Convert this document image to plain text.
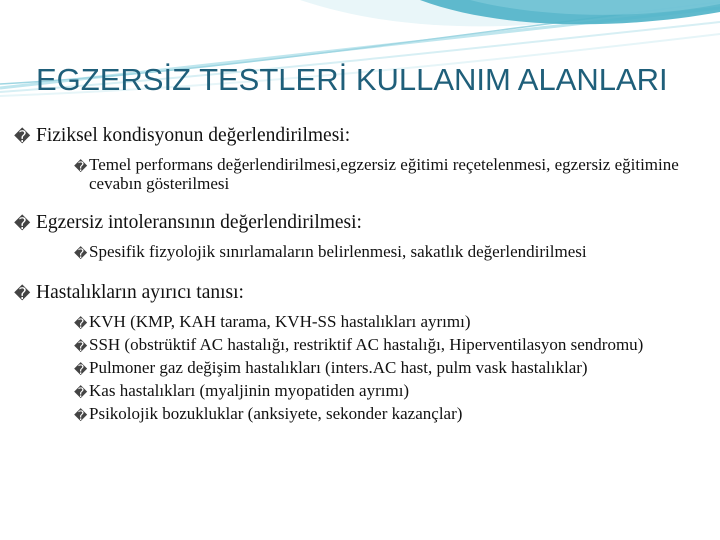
EGZERSİZ TESTLERİ KULLANIM ALANLARI
� Fiziksel kondisyonun değerlendirilmesi:
� Temel performans değerlendirilmesi,egzersiz eğitimi reçetelenmesi, egzersiz eğitimine cevabın gösterilmesi
� Egzersiz intoleransının değerlendirilmesi:
� Spesifik fizyolojik sınırlamaların belirlenmesi, sakatlık değerlendirilmesi
� Hastalıkların ayırıcı tanısı:
� KVH (KMP, KAH tarama, KVH-SS hastalıkları ayrımı)
� SSH (obstrüktif AC hastalığı, restriktif AC hastalığı, Hiperventilasyon sendromu)
� Pulmoner gaz değişim hastalıkları (inters.AC hast, pulm vask hastalıklar)
� Kas hastalıkları (myaljinin myopatiden ayrımı)
� Psikolojik bozukluklar (anksiyete, sekonder kazançlar)
